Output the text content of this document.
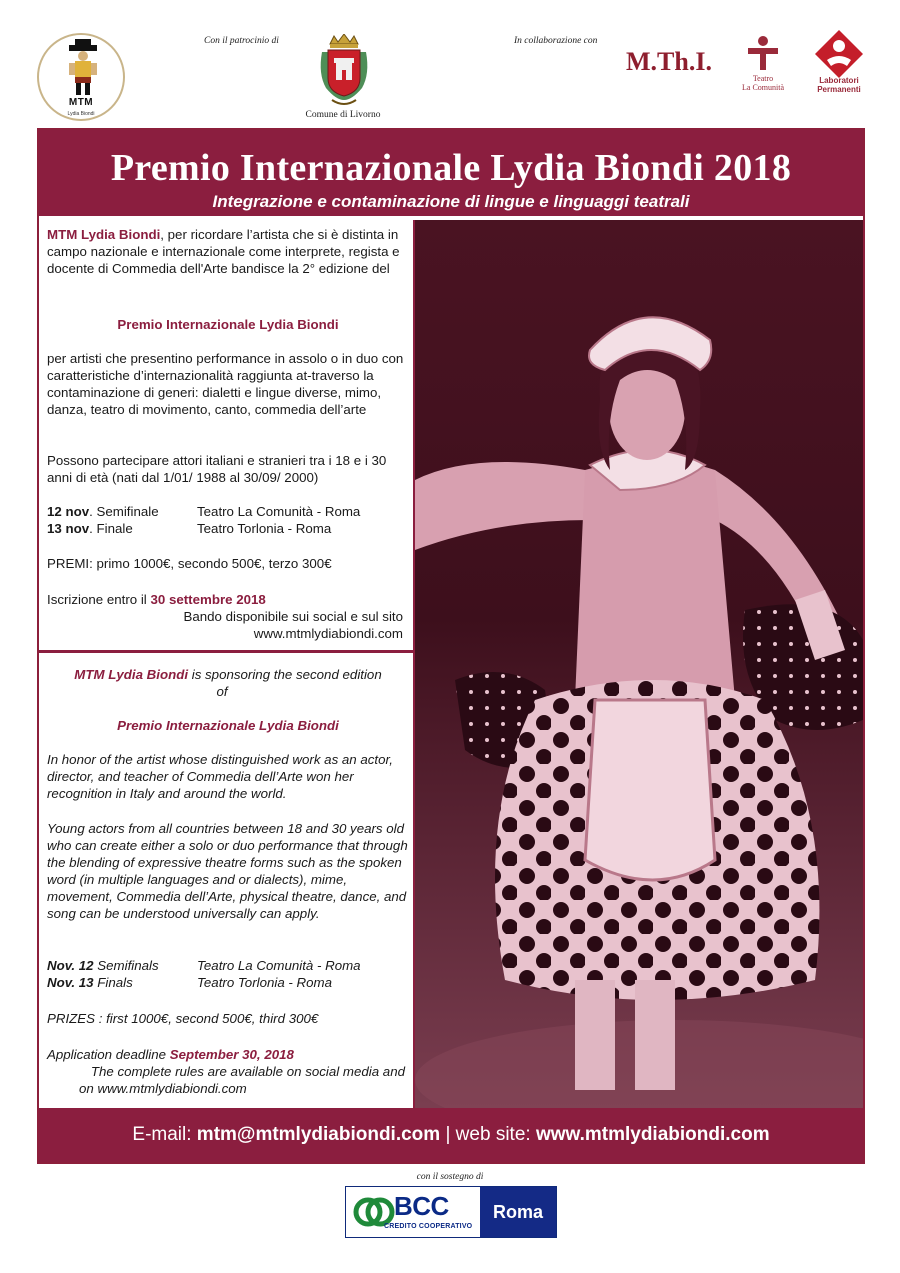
MTM
Lydia Biondi
Con il patrocinio di
Comune di Livorno
In collaborazione con
M.Th.I.
Teatro
La Comunità
Laboratori
Permanenti
Premio Internazionale Lydia Biondi 2018
Integrazione e contaminazione di lingue e linguaggi teatrali
MTM Lydia Biondi, per ricordare l’artista che si è distinta in campo nazionale e internazionale come interprete, regista e docente di Commedia dell'Arte bandisce la 2° edizione del
Premio Internazionale Lydia Biondi
per artisti che presentino performance in assolo o in duo con caratteristiche d’internazionalità raggiunta at-traverso la contaminazione di generi: dialetti e lingue diverse, mimo, danza, teatro di movimento, canto, commedia dell’arte
Possono partecipare attori italiani e stranieri tra i 18 e i 30 anni di età (nati dal 1/01/ 1988 al 30/09/ 2000)
12 nov. Semifinale	Teatro La Comunità - Roma
13 nov. Finale	Teatro Torlonia - Roma
PREMI: primo 1000€, secondo 500€, terzo 300€
Iscrizione entro il 30 settembre 2018
Bando disponibile sui social e sul sito
www.mtmlydiabiondi.com
MTM Lydia Biondi is sponsoring the second edition
of
Premio Internazionale Lydia Biondi
In honor of the artist whose distinguished work as an actor, director, and teacher of Commedia dell’Arte won her recognition in Italy and around the world.
Young actors from all countries between 18 and 30 years old who can create either a solo or duo performance that through the blending of expressive theatre forms such as the spoken word (in multiple languages and or dialects), mime, movement, Commedia dell’Arte, physical theatre, dance, and song can be understood universally can apply.
Nov. 12 Semifinals	Teatro La Comunità - Roma
Nov. 13 Finals	Teatro Torlonia - Roma
PRIZES : first 1000€, second 500€, third 300€
Application deadline September 30, 2018
The complete rules are available on social media and
on www.mtmlydiabiondi.com
E-mail: mtm@mtmlydiabiondi.com | web site: www.mtmlydiabiondi.com
con il sostegno di
BCC
CREDITO COOPERATIVO
Roma
